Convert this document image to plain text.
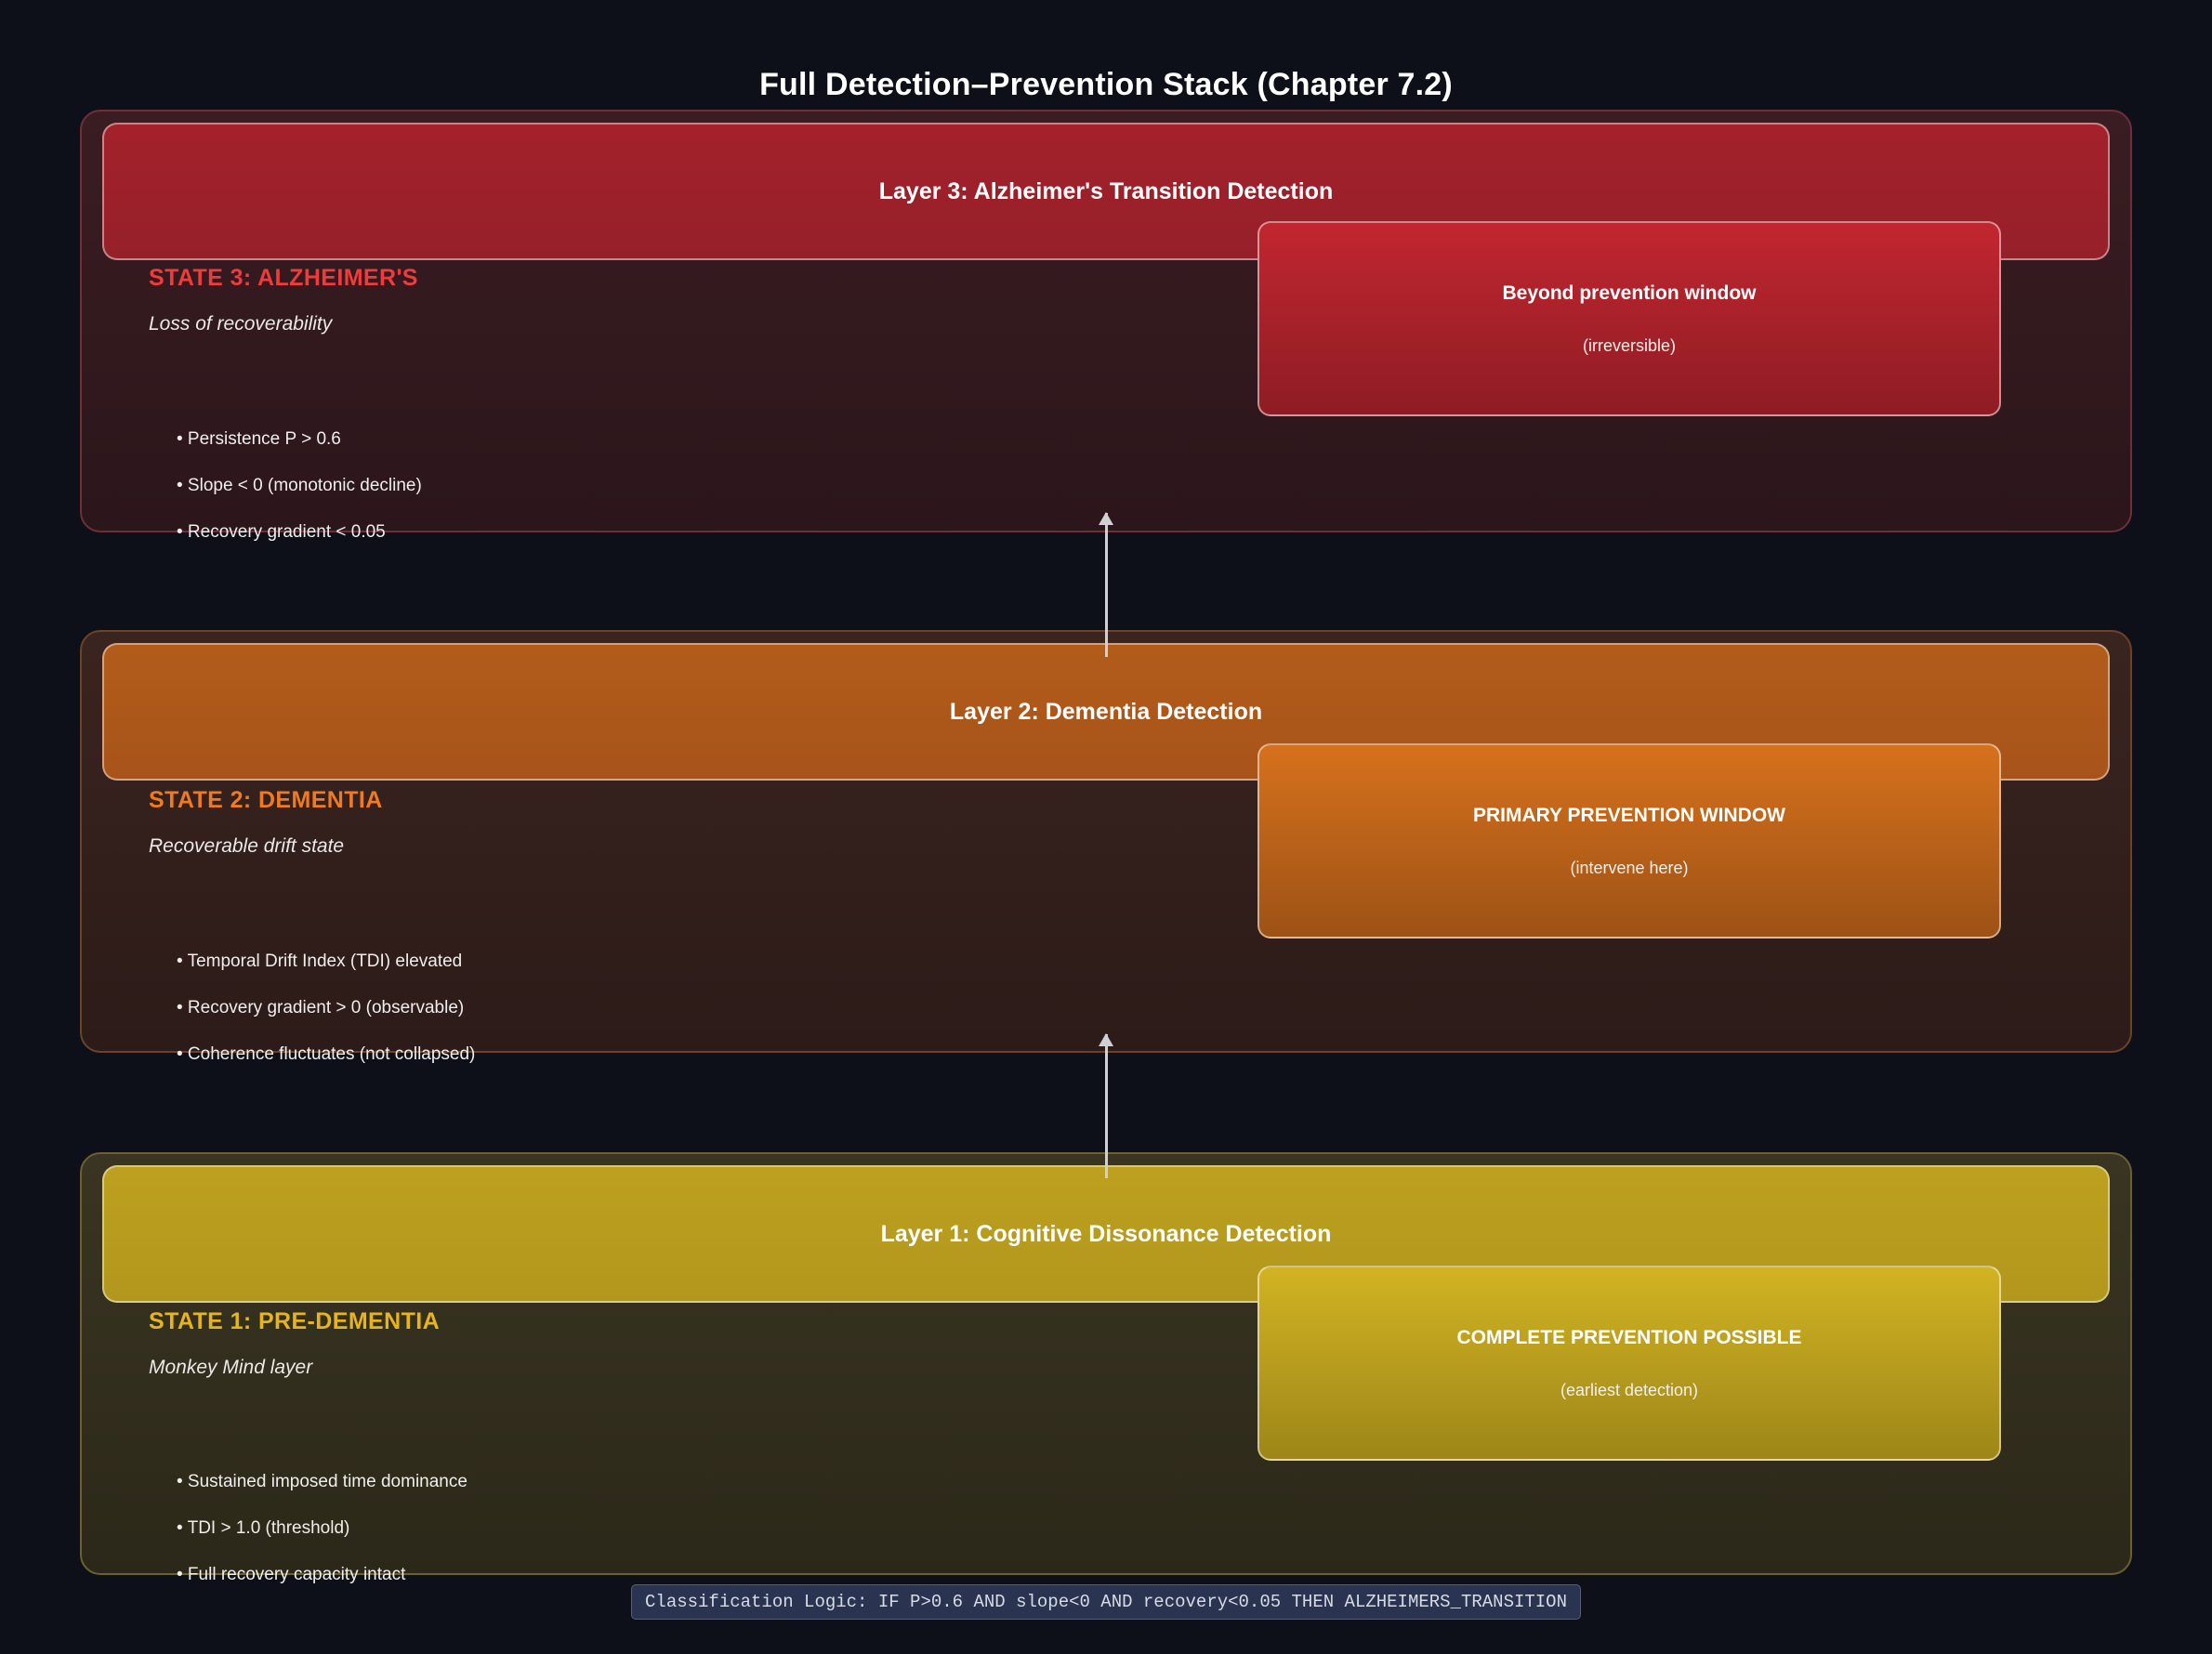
Full Detection–Prevention Stack (Chapter 7.2)
Layer 3: Alzheimer's Transition Detection
STATE 3: ALZHEIMER'S
Loss of recoverability
• Persistence P > 0.6
• Slope < 0 (monotonic decline)
• Recovery gradient < 0.05
Beyond prevention window
(irreversible)
Layer 2: Dementia Detection
STATE 2: DEMENTIA
Recoverable drift state
• Temporal Drift Index (TDI) elevated
• Recovery gradient > 0 (observable)
• Coherence fluctuates (not collapsed)
PRIMARY PREVENTION WINDOW
(intervene here)
Layer 1: Cognitive Dissonance Detection
STATE 1: PRE-DEMENTIA
Monkey Mind layer
• Sustained imposed time dominance
• TDI > 1.0 (threshold)
• Full recovery capacity intact
COMPLETE PREVENTION POSSIBLE
(earliest detection)
Classification Logic: IF P>0.6 AND slope<0 AND recovery<0.05 THEN ALZHEIMERS_TRANSITION
